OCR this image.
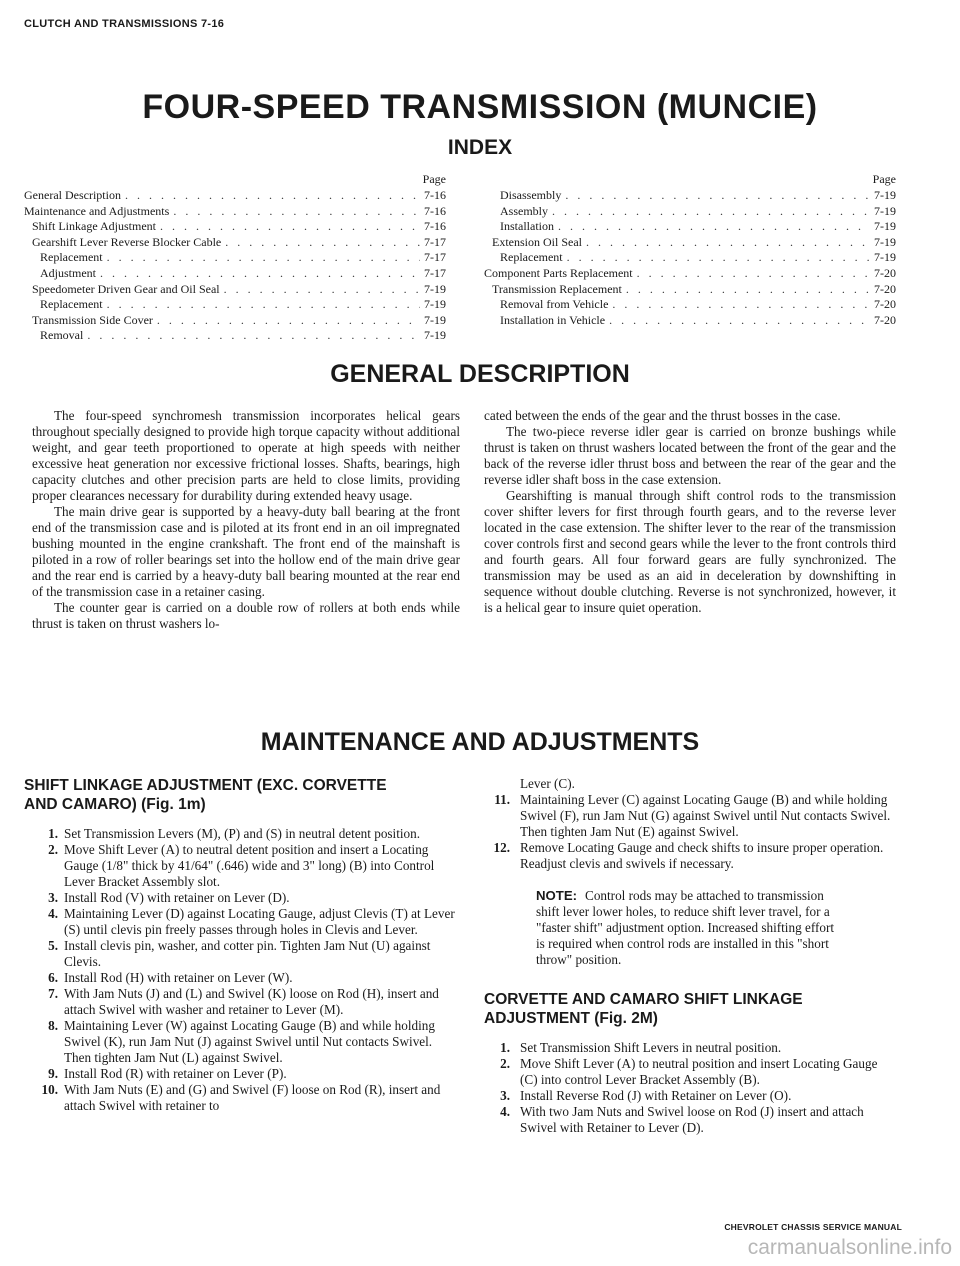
CLUTCH AND TRANSMISSIONS 7-16
FOUR-SPEED TRANSMISSION (MUNCIE)
INDEX
Page
General Description . . .	7-16
Maintenance and Adjustments . . .	7-16
Shift Linkage Adjustment . . .	7-16
Gearshift Lever Reverse Blocker Cable . . .	7-17
Replacement . . .	7-17
Adjustment . . .	7-17
Speedometer Driven Gear and Oil Seal . . .	7-19
Replacement . . .	7-19
Transmission Side Cover . . .	7-19
Removal . . .	7-19
Page
Disassembly . . .	7-19
Assembly . . .	7-19
Installation . . .	7-19
Extension Oil Seal . . .	7-19
Replacement . . .	7-19
Component Parts Replacement . . .	7-20
Transmission Replacement . . .	7-20
Removal from Vehicle . . .	7-20
Installation in Vehicle . . .	7-20
GENERAL DESCRIPTION

The four-speed synchromesh transmission incorporates helical gears throughout specially designed to provide high torque capacity without additional weight, and gear teeth proportioned to operate at high speeds with neither excessive heat generation nor excessive frictional losses. Shafts, bearings, high capacity clutches and other precision parts are held to close limits, providing proper clearances necessary for durability during extended heavy usage.

The main drive gear is supported by a heavy-duty ball bearing at the front end of the transmission case and is piloted at its front end in an oil impregnated bushing mounted in the engine crankshaft. The front end of the mainshaft is piloted in a row of roller bearings set into the hollow end of the main drive gear and the rear end is carried by a heavy-duty ball bearing mounted at the rear end of the transmission case in a retainer casing.

The counter gear is carried on a double row of rollers at both ends while thrust is taken on thrust washers lo-

cated between the ends of the gear and the thrust bosses in the case.

The two-piece reverse idler gear is carried on bronze bushings while thrust is taken on thrust washers located between the front of the gear and the back of the reverse idler thrust boss and between the rear of the gear and the reverse idler shaft boss in the case extension.

Gearshifting is manual through shift control rods to the transmission cover shifter levers for first through fourth gears, and to the reverse lever located in the case extension. The shifter lever to the rear of the transmission cover controls first and second gears while the lever to the front controls third and fourth gears. All four forward gears are fully synchronized. The transmission may be used as an aid in deceleration by downshifting in sequence without double clutching. Reverse is not synchronized, however, it is a helical gear to insure quiet operation.

MAINTENANCE AND ADJUSTMENTS
SHIFT LINKAGE ADJUSTMENT (EXC. CORVETTE
AND CAMARO) (Fig. 1m)
1. Set Transmission Levers (M), (P) and (S) in neutral detent position.
2. Move Shift Lever (A) to neutral detent position and insert a Locating Gauge (1/8" thick by 41/64" (.646) wide and 3" long) (B) into Control Lever Bracket Assembly slot.
3. Install Rod (V) with retainer on Lever (D).
4. Maintaining Lever (D) against Locating Gauge, adjust Clevis (T) at Lever (S) until clevis pin freely passes through holes in Clevis and Lever.
5. Install clevis pin, washer, and cotter pin. Tighten Jam Nut (U) against Clevis.
6. Install Rod (H) with retainer on Lever (W).
7. With Jam Nuts (J) and (L) and Swivel (K) loose on Rod (H), insert and attach Swivel with washer and retainer to Lever (M).
8. Maintaining Lever (W) against Locating Gauge (B) and while holding Swivel (K), run Jam Nut (J) against Swivel until Nut contacts Swivel. Then tighten Jam Nut (L) against Swivel.
9. Install Rod (R) with retainer on Lever (P).
10. With Jam Nuts (E) and (G) and Swivel (F) loose on Rod (R), insert and attach Swivel with retainer to
Lever (C).
11. Maintaining Lever (C) against Locating Gauge (B) and while holding Swivel (F), run Jam Nut (G) against Swivel until Nut contacts Swivel. Then tighten Jam Nut (E) against Swivel.
12. Remove Locating Gauge and check shifts to insure proper operation. Readjust clevis and swivels if necessary.
NOTE: Control rods may be attached to transmission shift lever lower holes, to reduce shift lever travel, for a "faster shift" adjustment option. Increased shifting effort is required when control rods are installed in this "short throw" position.
CORVETTE AND CAMARO SHIFT LINKAGE
ADJUSTMENT (Fig. 2M)
1. Set Transmission Shift Levers in neutral position.
2. Move Shift Lever (A) to neutral position and insert Locating Gauge (C) into control Lever Bracket Assembly (B).
3. Install Reverse Rod (J) with Retainer on Lever (O).
4. With two Jam Nuts and Swivel loose on Rod (J) insert and attach Swivel with Retainer to Lever (D).
CHEVROLET CHASSIS SERVICE MANUAL
carmanualsonline.info
